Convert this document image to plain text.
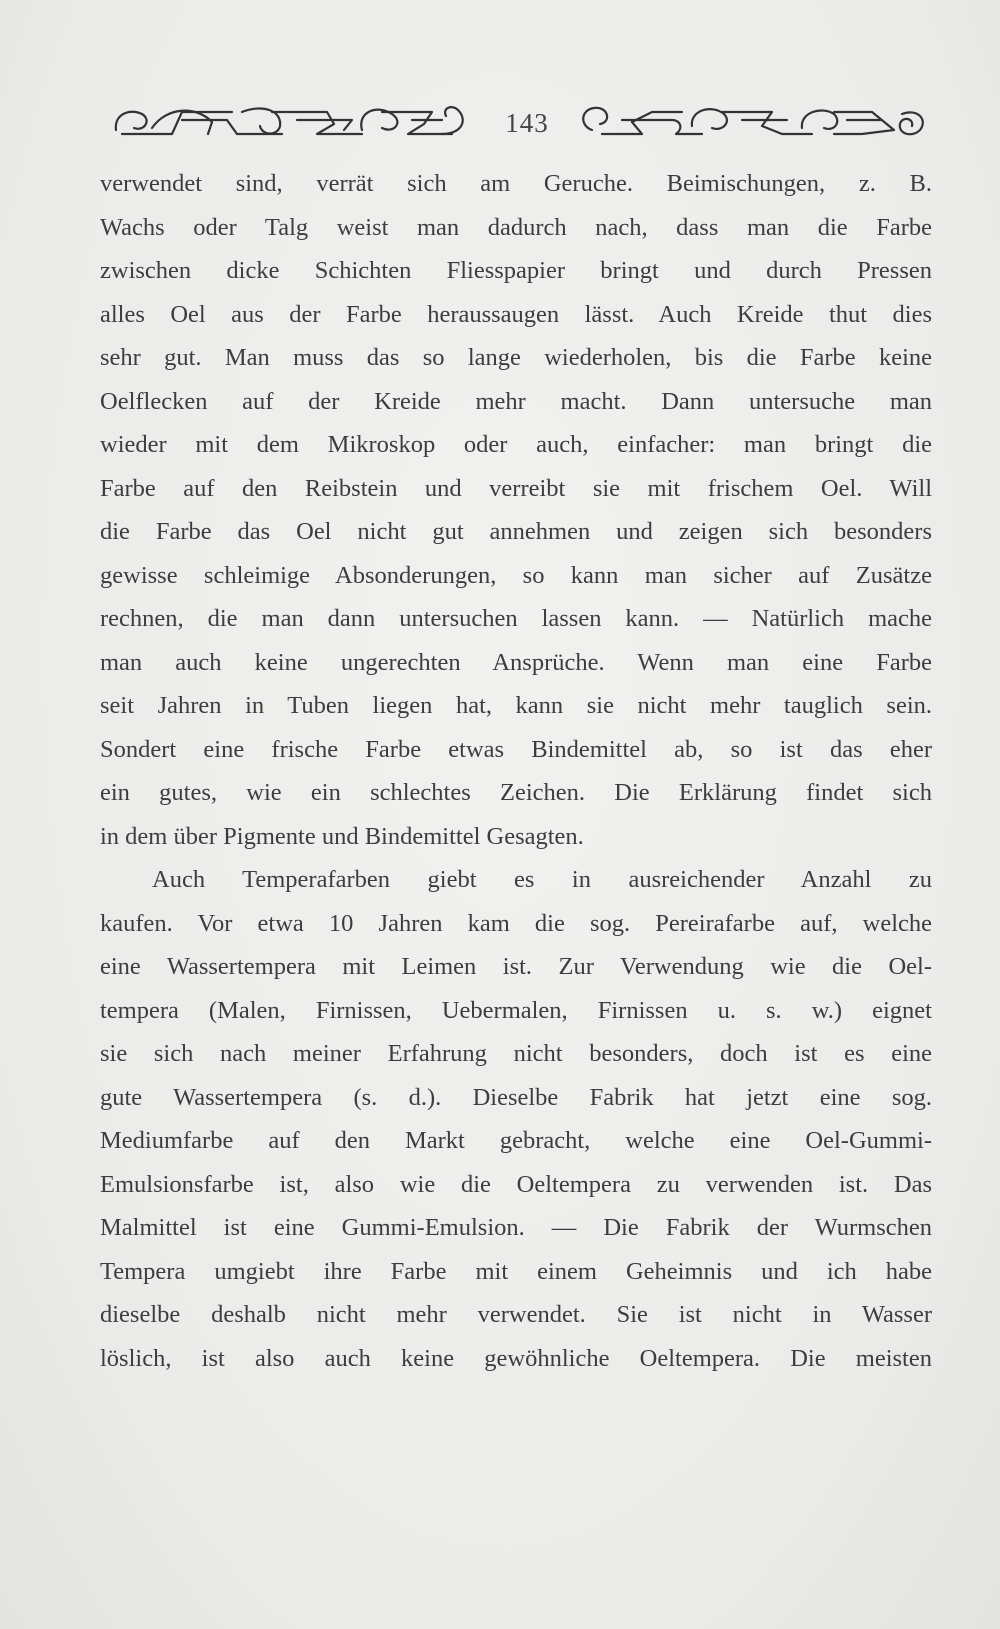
143
verwendet sind, verrät sich am Geruche. Beimischungen, z. B.
Wachs oder Talg weist man dadurch nach, dass man die Farbe
zwischen dicke Schichten Fliesspapier bringt und durch Pressen
alles Oel aus der Farbe heraussaugen lässt. Auch Kreide thut dies
sehr gut. Man muss das so lange wiederholen, bis die Farbe keine
Oelflecken auf der Kreide mehr macht. Dann untersuche man
wieder mit dem Mikroskop oder auch, einfacher: man bringt die
Farbe auf den Reibstein und verreibt sie mit frischem Oel. Will
die Farbe das Oel nicht gut annehmen und zeigen sich besonders
gewisse schleimige Absonderungen, so kann man sicher auf Zusätze
rechnen, die man dann untersuchen lassen kann. — Natürlich mache
man auch keine ungerechten Ansprüche. Wenn man eine Farbe
seit Jahren in Tuben liegen hat, kann sie nicht mehr tauglich sein.
Sondert eine frische Farbe etwas Bindemittel ab, so ist das eher
ein gutes, wie ein schlechtes Zeichen. Die Erklärung findet sich
in dem über Pigmente und Bindemittel Gesagten.
Auch Temperafarben giebt es in ausreichender Anzahl zu
kaufen. Vor etwa 10 Jahren kam die sog. Pereirafarbe auf, welche
eine Wassertempera mit Leimen ist. Zur Verwendung wie die Oel-
tempera (Malen, Firnissen, Uebermalen, Firnissen u. s. w.) eignet
sie sich nach meiner Erfahrung nicht besonders, doch ist es eine
gute Wassertempera (s. d.). Dieselbe Fabrik hat jetzt eine sog.
Mediumfarbe auf den Markt gebracht, welche eine Oel-Gummi-
Emulsionsfarbe ist, also wie die Oeltempera zu verwenden ist. Das
Malmittel ist eine Gummi-Emulsion. — Die Fabrik der Wurmschen
Tempera umgiebt ihre Farbe mit einem Geheimnis und ich habe
dieselbe deshalb nicht mehr verwendet. Sie ist nicht in Wasser
löslich, ist also auch keine gewöhnliche Oeltempera. Die meisten
